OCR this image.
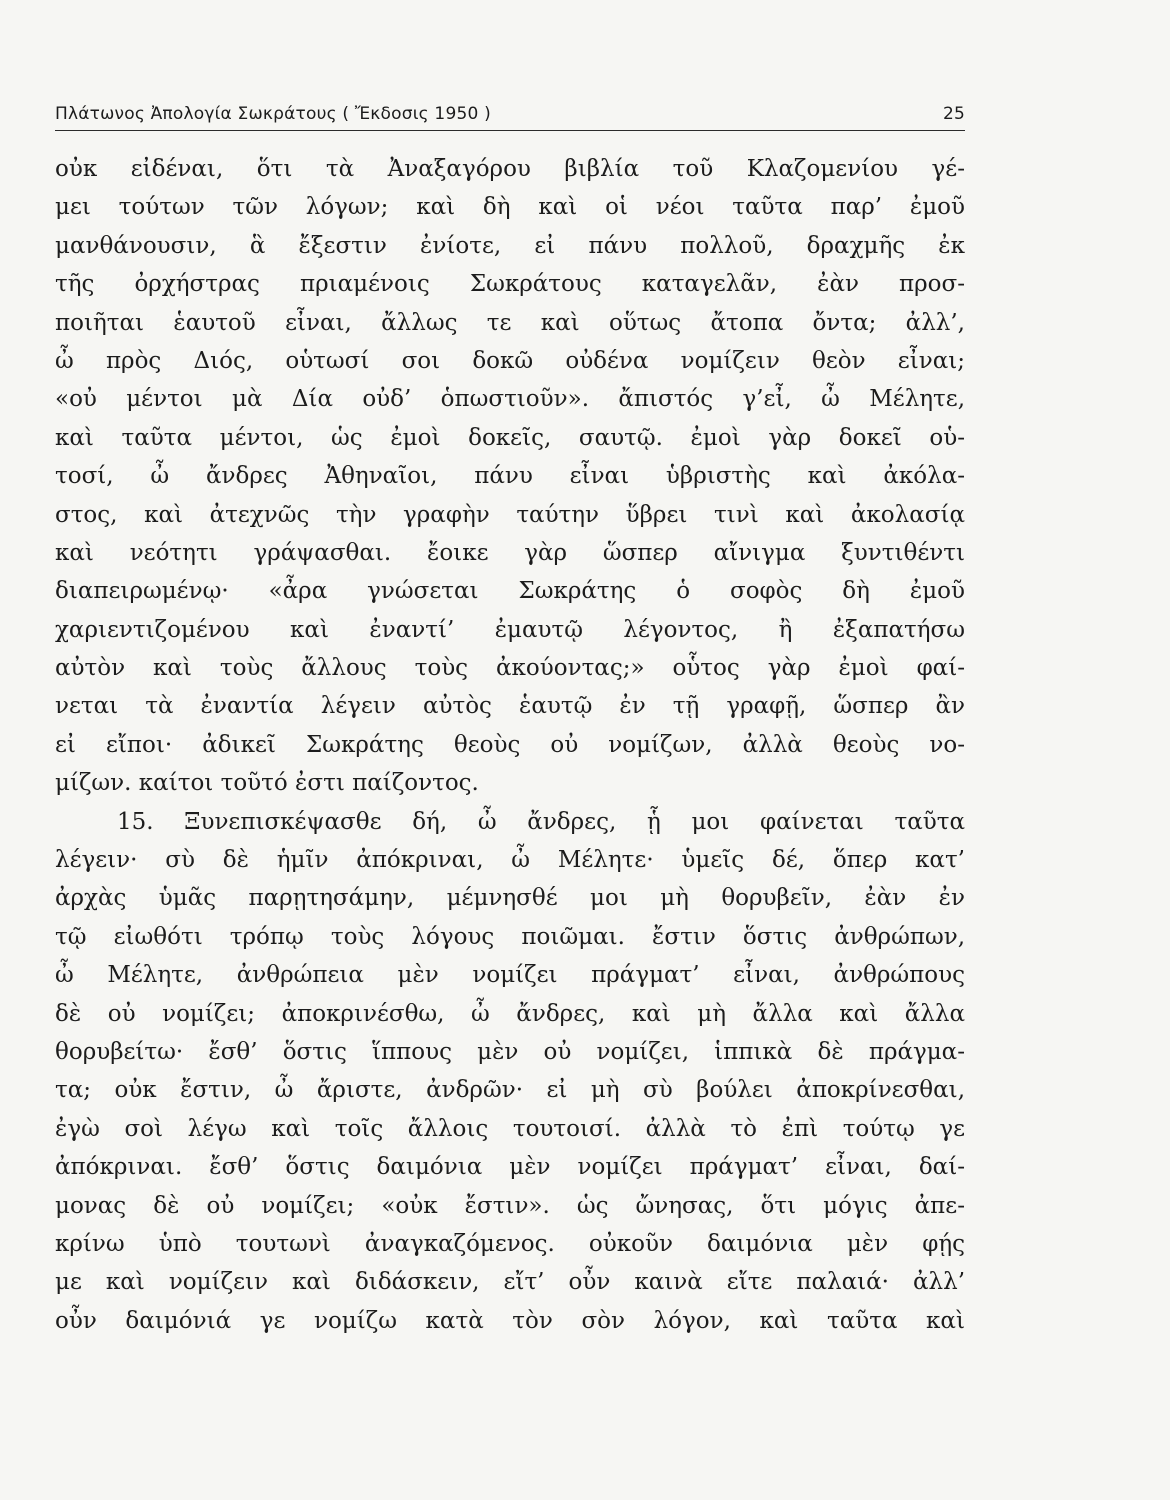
Πλάτωνος Ἀπολογία Σωκράτους ( Ἔκδοσις 1950 )	25
οὐκ εἰδέναι, ὅτι τὰ Ἀναξαγόρου βιβλία τοῦ Κλαζομενίου γέ-
μει τούτων τῶν λόγων; καὶ δὴ καὶ οἱ νέοι ταῦτα παρ’ ἐμοῦ
μανθάνουσιν, ἃ ἔξεστιν ἐνίοτε, εἰ πάνυ πολλοῦ, δραχμῆς ἐκ
τῆς ὀρχήστρας πριαμένοις Σωκράτους καταγελᾶν, ἐὰν προσ-
ποιῆται ἑαυτοῦ εἶναι, ἄλλως τε καὶ οὕτως ἄτοπα ὄντα; ἀλλ’,
ὦ πρὸς Διός, οὑτωσί σοι δοκῶ οὐδένα νομίζειν θεὸν εἶναι;
«οὐ μέντοι μὰ Δία οὐδ’ ὁπωστιοῦν». ἄπιστός γ’εἶ, ὦ Μέλητε,
καὶ ταῦτα μέντοι, ὡς ἐμοὶ δοκεῖς, σαυτῷ. ἐμοὶ γὰρ δοκεῖ οὑ-
τοσί, ὦ ἄνδρες Ἀθηναῖοι, πάνυ εἶναι ὑβριστὴς καὶ ἀκόλα-
στος, καὶ ἀτεχνῶς τὴν γραφὴν ταύτην ὕβρει τινὶ καὶ ἀκολασίᾳ
καὶ νεότητι γράψασθαι. ἔοικε γὰρ ὥσπερ αἴνιγμα ξυντιθέντι
διαπειρωμένῳ· «ἆρα γνώσεται Σωκράτης ὁ σοφὸς δὴ ἐμοῦ
χαριεντιζομένου καὶ ἐναντί’ ἐμαυτῷ λέγοντος, ἢ ἐξαπατήσω
αὐτὸν καὶ τοὺς ἄλλους τοὺς ἀκούοντας;» οὗτος γὰρ ἐμοὶ φαί-
νεται τὰ ἐναντία λέγειν αὐτὸς ἑαυτῷ ἐν τῇ γραφῇ, ὥσπερ ἂν
εἰ εἴποι· ἀδικεῖ Σωκράτης θεοὺς οὐ νομίζων, ἀλλὰ θεοὺς νο-
μίζων. καίτοι τοῦτό ἐστι παίζοντος.
15. Ξυνεπισκέψασθε δή, ὦ ἄνδρες, ᾗ μοι φαίνεται ταῦτα
λέγειν· σὺ δὲ ἡμῖν ἀπόκριναι, ὦ Μέλητε· ὑμεῖς δέ, ὅπερ κατ’
ἀρχὰς ὑμᾶς παρῃτησάμην, μέμνησθέ μοι μὴ θορυβεῖν, ἐὰν ἐν
τῷ εἰωθότι τρόπῳ τοὺς λόγους ποιῶμαι. ἔστιν ὅστις ἀνθρώπων,
ὦ Μέλητε, ἀνθρώπεια μὲν νομίζει πράγματ’ εἶναι, ἀνθρώπους
δὲ οὐ νομίζει; ἀποκρινέσθω, ὦ ἄνδρες, καὶ μὴ ἄλλα καὶ ἄλλα
θορυβείτω· ἔσθ’ ὅστις ἵππους μὲν οὐ νομίζει, ἱππικὰ δὲ πράγμα-
τα; οὐκ ἔστιν, ὦ ἄριστε, ἀνδρῶν· εἰ μὴ σὺ βούλει ἀποκρίνεσθαι,
ἐγὼ σοὶ λέγω καὶ τοῖς ἄλλοις τουτοισί. ἀλλὰ τὸ ἐπὶ τούτῳ γε
ἀπόκριναι. ἔσθ’ ὅστις δαιμόνια μὲν νομίζει πράγματ’ εἶναι, δαί-
μονας δὲ οὐ νομίζει; «οὐκ ἔστιν». ὡς ὤνησας, ὅτι μόγις ἀπε-
κρίνω ὑπὸ τουτωνὶ ἀναγκαζόμενος. οὐκοῦν δαιμόνια μὲν φῄς
με καὶ νομίζειν καὶ διδάσκειν, εἴτ’ οὖν καινὰ εἴτε παλαιά· ἀλλ’
οὖν δαιμόνιά γε νομίζω κατὰ τὸν σὸν λόγον, καὶ ταῦτα καὶ
